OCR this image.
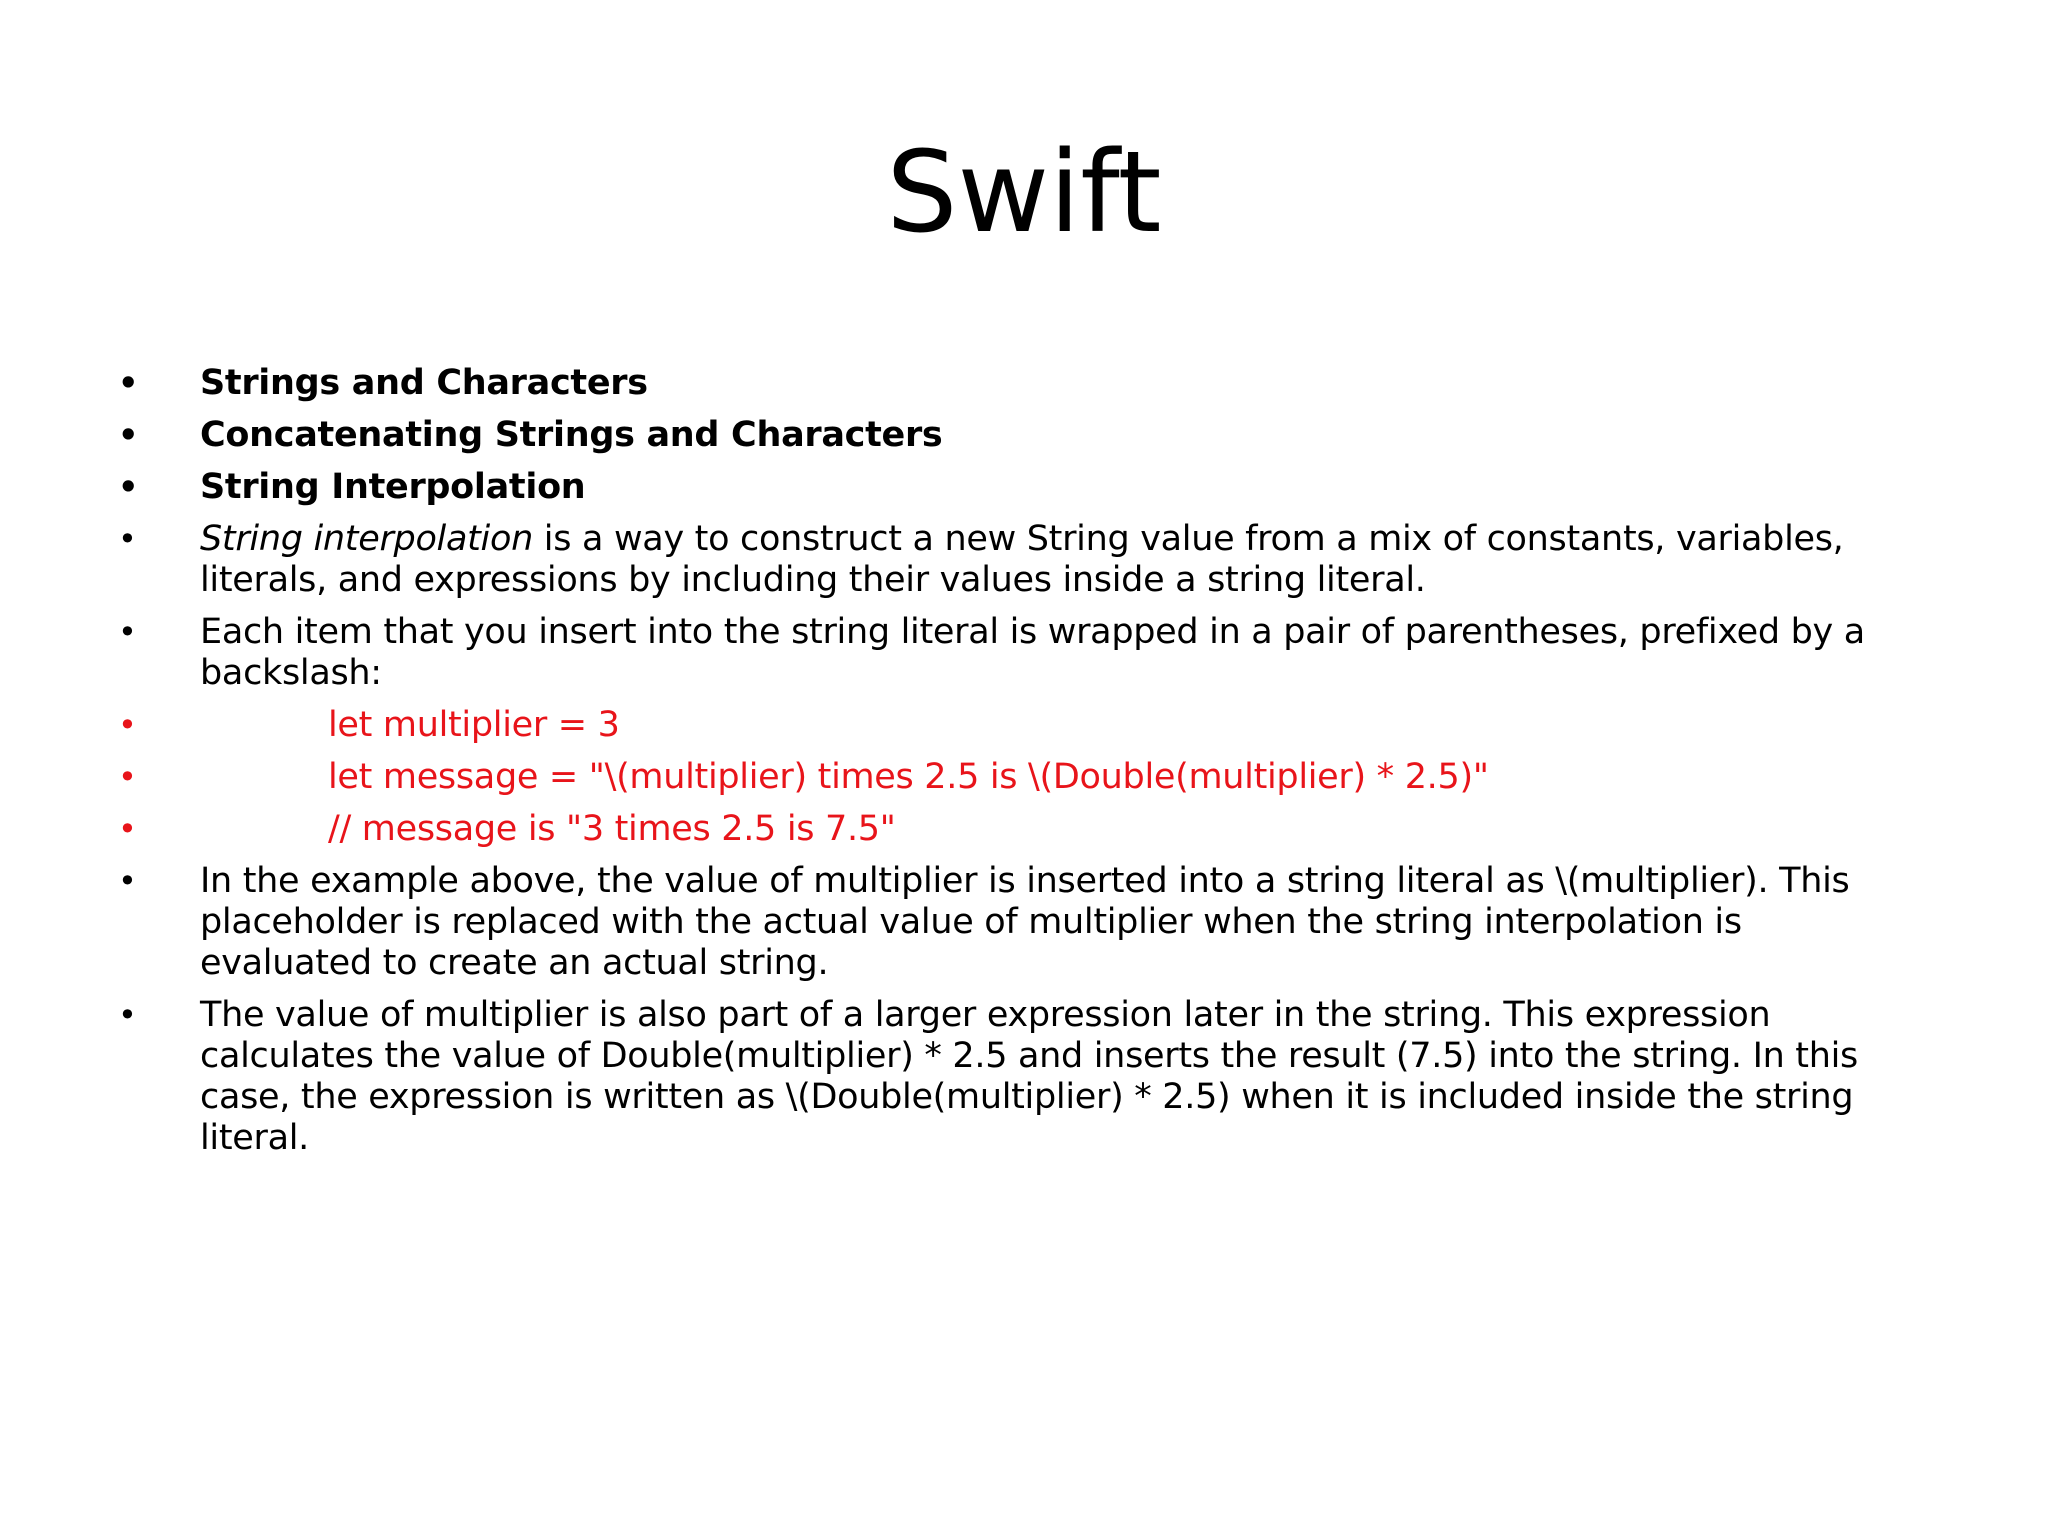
Swift
• Strings and Characters
• Concatenating Strings and Characters
• String Interpolation
• String interpolation is a way to construct a new String value from a mix of constants, variables, literals, and expressions by including their values inside a string literal.
• Each item that you insert into the string literal is wrapped in a pair of parentheses, prefixed by a backslash:
•	let multiplier = 3
•	let message = "\(multiplier) times 2.5 is \(Double(multiplier) * 2.5)"
•	// message is "3 times 2.5 is 7.5"
• In the example above, the value of multiplier is inserted into a string literal as \(multiplier). This placeholder is replaced with the actual value of multiplier when the string interpolation is evaluated to create an actual string.
• The value of multiplier is also part of a larger expression later in the string. This expression calculates the value of Double(multiplier) * 2.5 and inserts the result (7.5) into the string. In this case, the expression is written as \(Double(multiplier) * 2.5) when it is included inside the string literal.
